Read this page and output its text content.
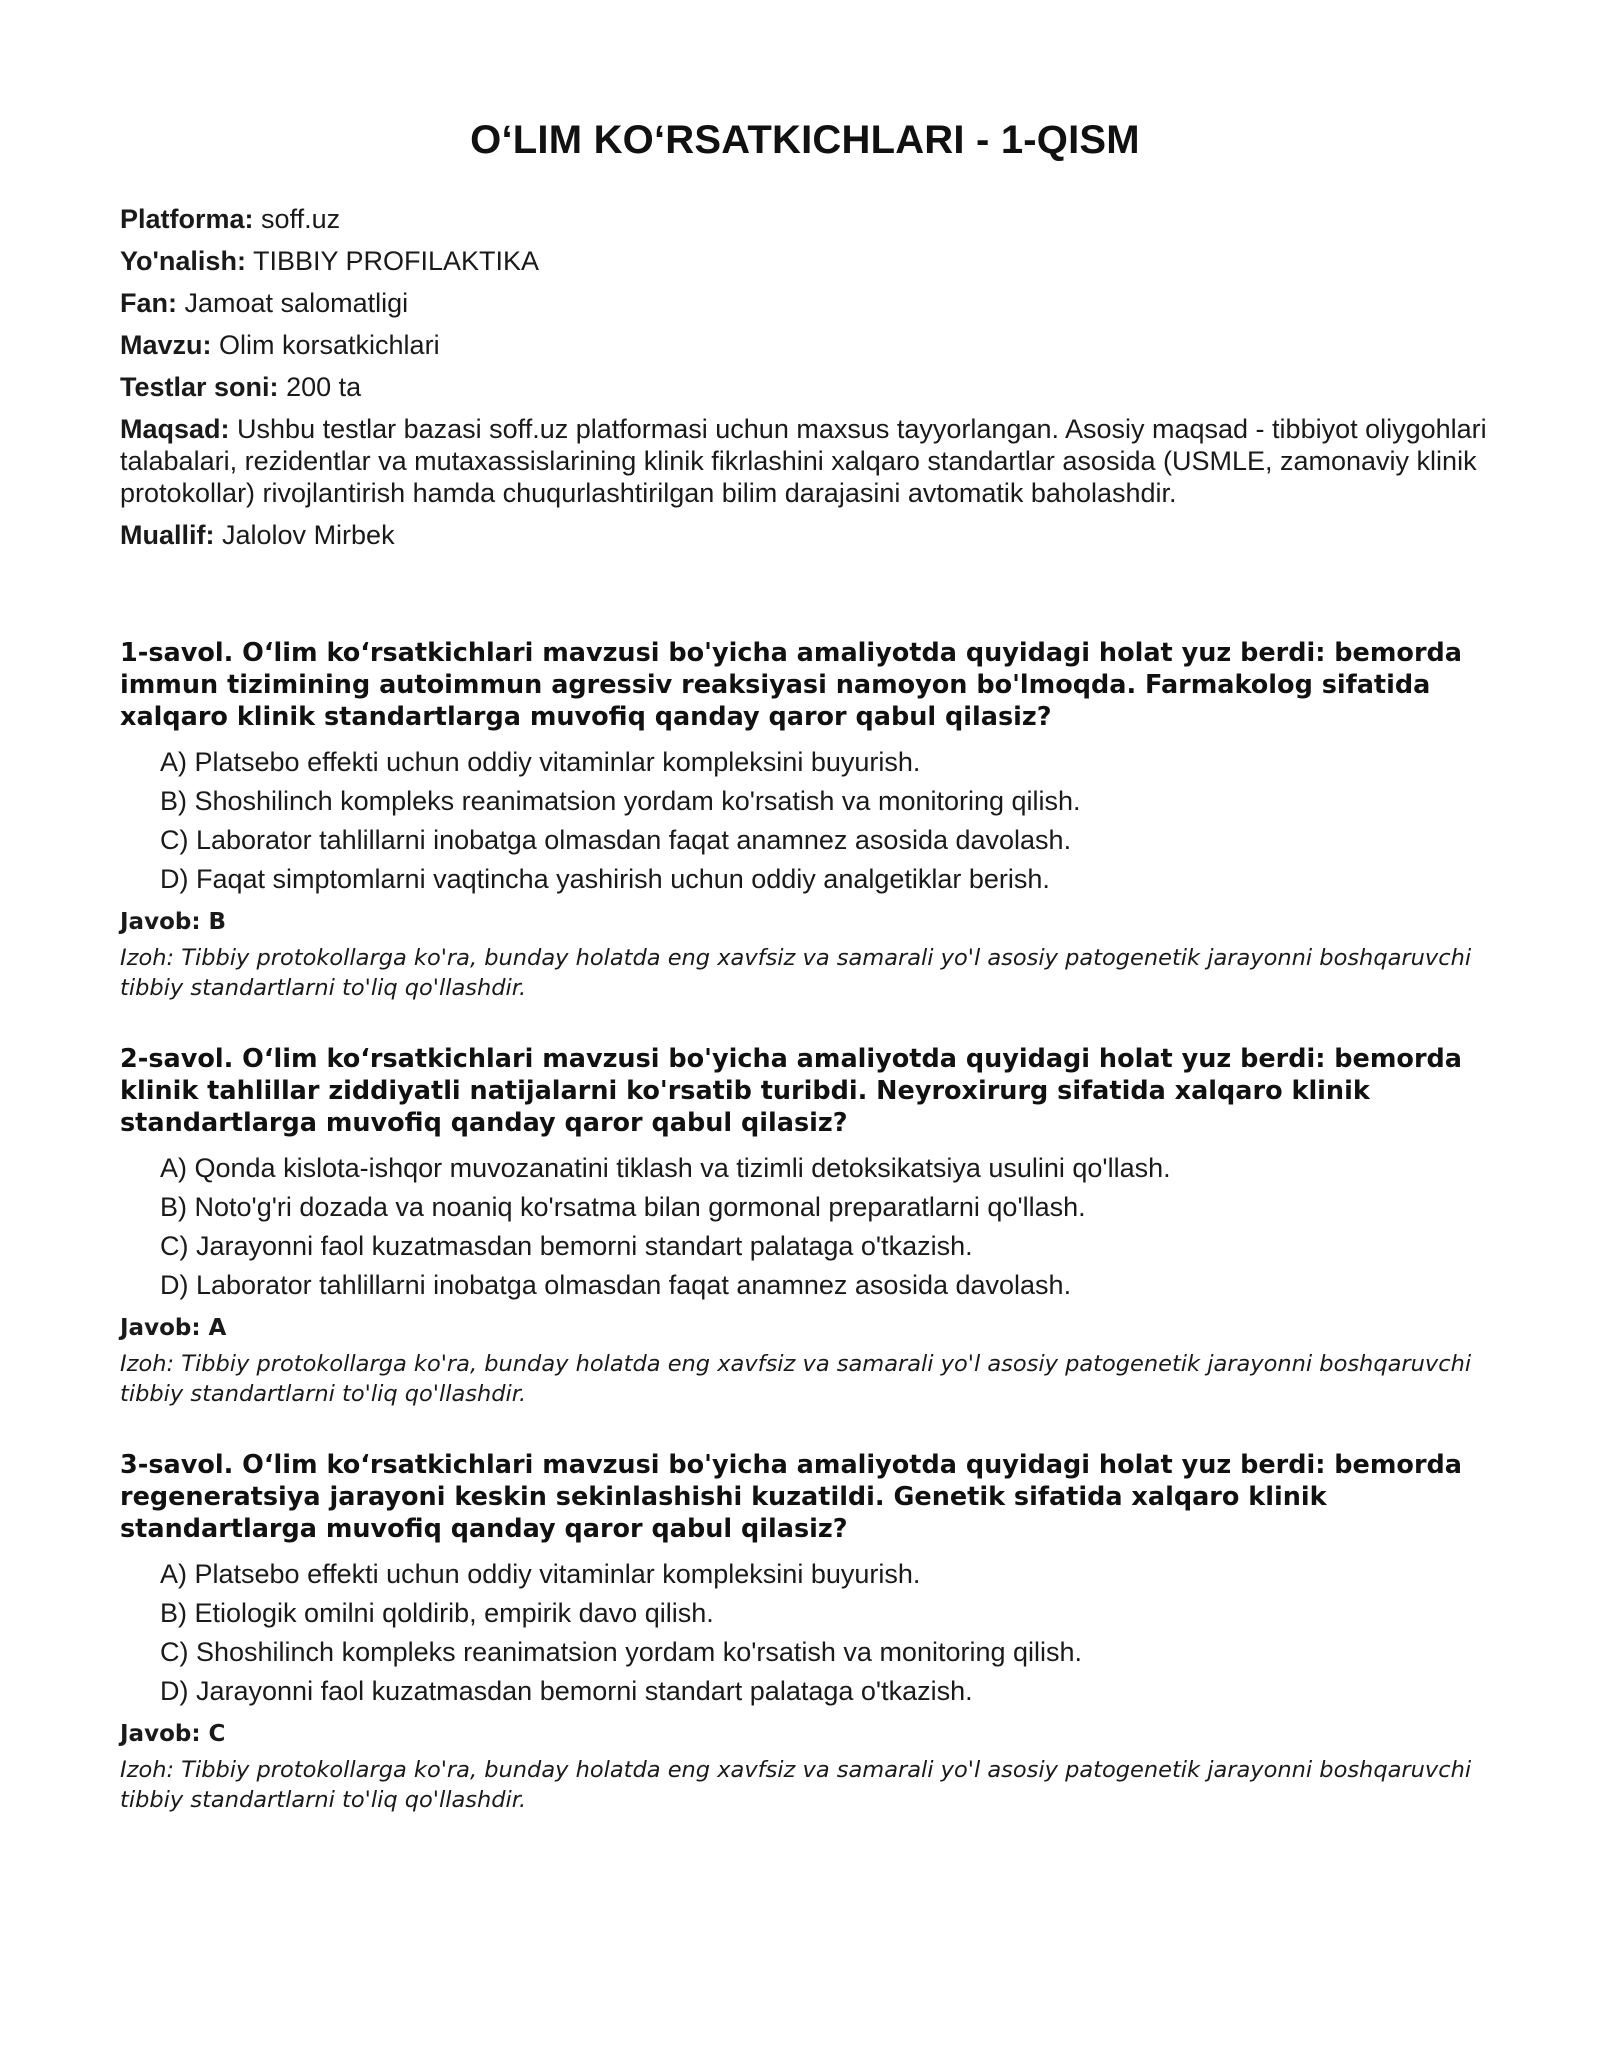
O‘LIM KO‘RSATKICHLARI - 1-QISM

Platforma: soff.uz

Yo'nalish: TIBBIY PROFILAKTIKA

Fan: Jamoat salomatligi

Mavzu: Olim korsatkichlari

Testlar soni: 200 ta

Maqsad: Ushbu testlar bazasi soff.uz platformasi uchun maxsus tayyorlangan. Asosiy maqsad - tibbiyot oliygohlari talabalari, rezidentlar va mutaxassislarining klinik fikrlashini xalqaro standartlar asosida (USMLE, zamonaviy klinik protokollar) rivojlantirish hamda chuqurlashtirilgan bilim darajasini avtomatik baholashdir.

Muallif: Jalolov Mirbek

1-savol. O‘lim ko‘rsatkichlari mavzusi bo'yicha amaliyotda quyidagi holat yuz berdi: bemorda immun tizimining autoimmun agressiv reaksiyasi namoyon bo'lmoqda. Farmakolog sifatida xalqaro klinik standartlarga muvofiq qanday qaror qabul qilasiz?

A) Platsebo effekti uchun oddiy vitaminlar kompleksini buyurish.
B) Shoshilinch kompleks reanimatsion yordam ko'rsatish va monitoring qilish.
C) Laborator tahlillarni inobatga olmasdan faqat anamnez asosida davolash.
D) Faqat simptomlarni vaqtincha yashirish uchun oddiy analgetiklar berish.

Javob: B

Izoh: Tibbiy protokollarga ko'ra, bunday holatda eng xavfsiz va samarali yo'l asosiy patogenetik jarayonni boshqaruvchi tibbiy standartlarni to'liq qo'llashdir.

2-savol. O‘lim ko‘rsatkichlari mavzusi bo'yicha amaliyotda quyidagi holat yuz berdi: bemorda klinik tahlillar ziddiyatli natijalarni ko'rsatib turibdi. Neyroxirurg sifatida xalqaro klinik standartlarga muvofiq qanday qaror qabul qilasiz?

A) Qonda kislota-ishqor muvozanatini tiklash va tizimli detoksikatsiya usulini qo'llash.
B) Noto'g'ri dozada va noaniq ko'rsatma bilan gormonal preparatlarni qo'llash.
C) Jarayonni faol kuzatmasdan bemorni standart palataga o'tkazish.
D) Laborator tahlillarni inobatga olmasdan faqat anamnez asosida davolash.

Javob: A

Izoh: Tibbiy protokollarga ko'ra, bunday holatda eng xavfsiz va samarali yo'l asosiy patogenetik jarayonni boshqaruvchi tibbiy standartlarni to'liq qo'llashdir.

3-savol. O‘lim ko‘rsatkichlari mavzusi bo'yicha amaliyotda quyidagi holat yuz berdi: bemorda regeneratsiya jarayoni keskin sekinlashishi kuzatildi. Genetik sifatida xalqaro klinik standartlarga muvofiq qanday qaror qabul qilasiz?

A) Platsebo effekti uchun oddiy vitaminlar kompleksini buyurish.
B) Etiologik omilni qoldirib, empirik davo qilish.
C) Shoshilinch kompleks reanimatsion yordam ko'rsatish va monitoring qilish.
D) Jarayonni faol kuzatmasdan bemorni standart palataga o'tkazish.

Javob: C

Izoh: Tibbiy protokollarga ko'ra, bunday holatda eng xavfsiz va samarali yo'l asosiy patogenetik jarayonni boshqaruvchi tibbiy standartlarni to'liq qo'llashdir.
